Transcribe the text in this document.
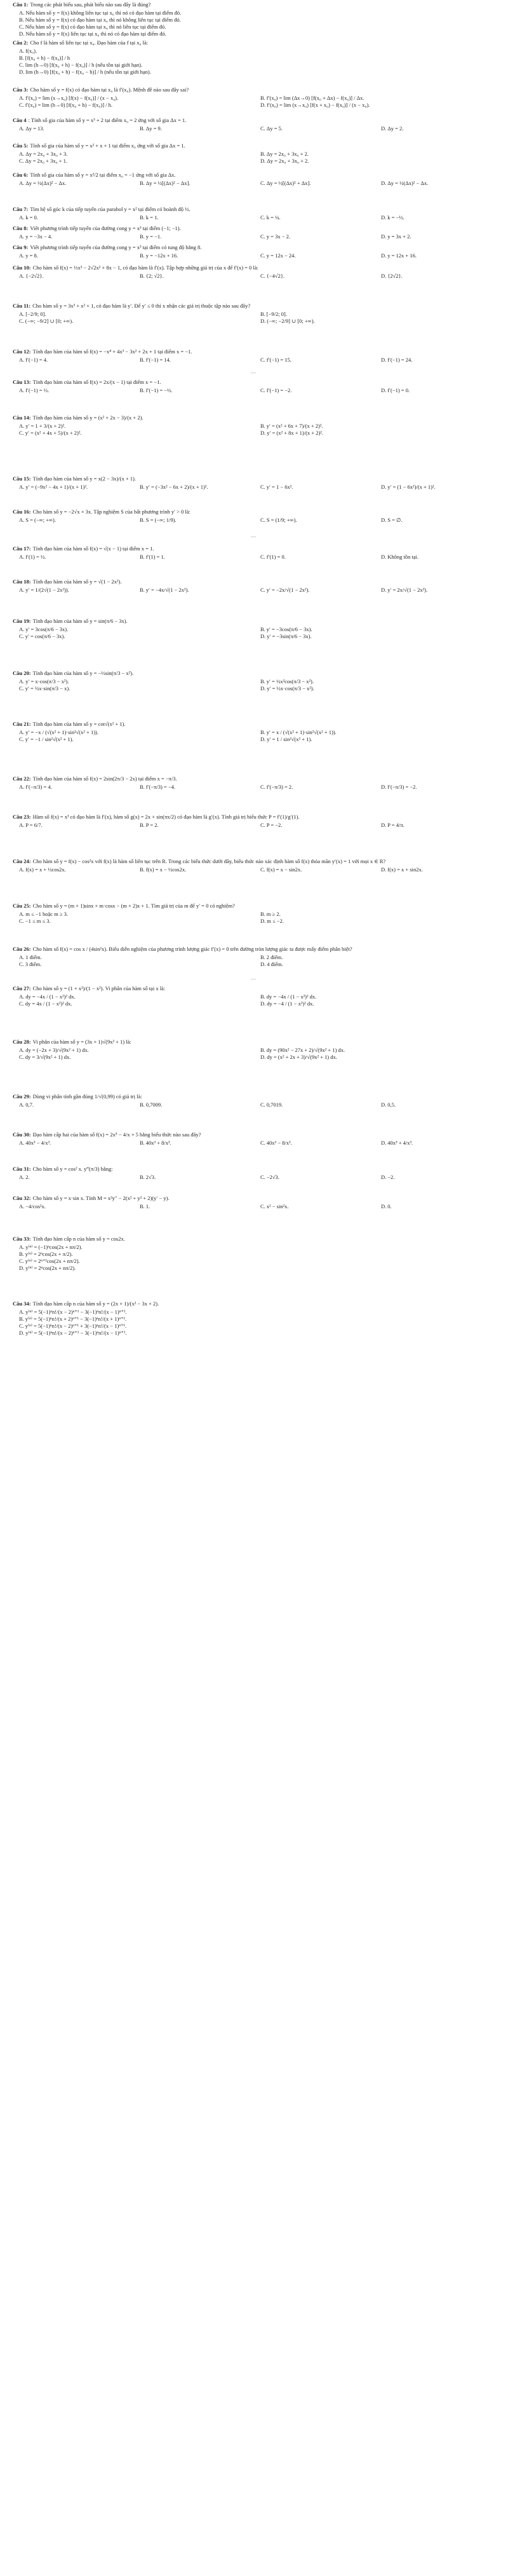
Câu 1: Trong các phát biểu sau, phát biểu nào sau đây là đúng?
A. Nếu hàm số y = f(x) không liên tục tại x₀ thì nó có đạo hàm tại điểm đó.
B. Nếu hàm số y = f(x) có đạo hàm tại x₀ thì nó không liên tục tại điểm đó.
C. Nếu hàm số y = f(x) có đạo hàm tại x₀ thì nó liên tục tại điểm đó.
D. Nếu hàm số y = f(x) liên tục tại x₀ thì nó có đạo hàm tại điểm đó.
Câu 2: Cho f là hàm số liên tục tại x₀. Đạo hàm của f tại x₀ là:
A. f(x₀).
B. [f(x₀ + h) − f(x₀)] / h
C. lim (h→0) [f(x₀ + h) − f(x₀)] / h (nếu tồn tại giới hạn).
D. lim (h→0) [f(x₀ + h) − f(x₀ − h)] / h (nếu tồn tại giới hạn).
Câu 3: Cho hàm số y = f(x) có đạo hàm tại x₀ là f′(x₀). Mệnh đề nào sau đây sai?
A. f′(x₀) = lim (x→x₀) [f(x) − f(x₀)] / (x − x₀).	B. f′(x₀) = lim (Δx→0) [f(x₀ + Δx) − f(x₀)] / Δx.
C. f′(x₀) = lim (h→0) [f(x₀ + h) − f(x₀)] / h.	D. f′(x₀) = lim (x→x₀) [f(x + x₀) − f(x₀)] / (x − x₀).
Câu 4 : Tính số gia của hàm số y = x³ + 2 tại điểm x₀ = 2 ứng với số gia Δx = 1.
A. Δy = 13.	B. Δy = 9.	C. Δy = 5.	D. Δy = 2.
Câu 5: Tính số gia của hàm số y = x² + x + 1 tại điểm x₀ ứng với số gia Δx = 1.
A. Δy = 2x₀ + 3x₀ + 3.	B. Δy = 2x₀ + 3x₀ + 2.
C. Δy = 2x₀ + 3x₀ + 1.	D. Δy = 2x₀ + 3x₀ + 2.
Câu 6: Tính số gia của hàm số y = x²/2 tại điểm x₀ = −1 ứng với số gia Δx.
A. Δy = ½(Δx)² − Δx.	B. Δy = ½[(Δx)² − Δx].	C. Δy = ½[(Δx)² + Δx].	D. Δy = ½(Δx)² − Δx.
Câu 7: Tìm hệ số góc k của tiếp tuyến của parabol y = x² tại điểm có hoành độ ½.
A. k = 0.	B. k = 1.	C. k = ¼.	D. k = −½.
Câu 8: Viết phương trình tiếp tuyến của đường cong y = x³ tại điểm (−1; −1).
A. y = −3x − 4.	B. y = −1.	C. y = 3x − 2.	D. y = 3x + 2.
Câu 9: Viết phương trình tiếp tuyến của đường cong y = x³ tại điểm có tung độ bằng 8.
A. y = 8.	B. y = −12x + 16.	C. y = 12x − 24.	D. y = 12x + 16.
Câu 10: Cho hàm số f(x) = ⅓x³ − 2√2x² + 8x − 1, có đạo hàm là f′(x). Tập hợp những giá trị của x để f′(x) = 0 là:
A. {−2√2}.	B. {2; √2}.	C. {−4√2}.	D. {2√2}.
Câu 11: Cho hàm số y = 3x³ + x² + 1, có đạo hàm là y′. Để y′ ≤ 0 thì x nhận các giá trị thuộc tập nào sau đây?
A. [−2/9; 0].	B. [−9/2; 0].
C. (−∞; −9/2] ∪ [0; +∞).	D. (−∞; −2/9] ∪ [0; +∞).
Câu 12: Tính đạo hàm của hàm số f(x) = −x⁴ + 4x³ − 3x² + 2x + 1 tại điểm x = −1.
A. f′(−1) = 4.	B. f′(−1) = 14.	C. f′(−1) = 15.	D. f′(−1) = 24.
Câu 13: Tính đạo hàm của hàm số f(x) = 2x/(x − 1) tại điểm x = −1.
A. f′(−1) = ½.	B. f′(−1) = −½.	C. f′(−1) = −2.	D. f′(−1) = 0.
Câu 14: Tính đạo hàm của hàm số y = (x² + 2x − 3)/(x + 2).
A. y′ = 1 + 3/(x + 2)².	B. y′ = (x² + 6x + 7)/(x + 2)².
C. y′ = (x² + 4x + 5)/(x + 2)².	D. y′ = (x² + 8x + 1)/(x + 2)².
Câu 15: Tính đạo hàm của hàm số y = x(2 − 3x)/(x + 1).
A. y′ = (−9x² − 4x + 1)/(x + 1)².	B. y′ = (−3x² − 6x + 2)/(x + 1)².	C. y′ = 1 − 6x².	D. y′ = (1 − 6x²)/(x + 1)².
Câu 16: Cho hàm số y = −2√x + 3x. Tập nghiệm S của bất phương trình y′ > 0 là:
A. S = (−∞; +∞).	B. S = (−∞; 1/9).	C. S = (1/9; +∞).	D. S = ∅.
Câu 17: Tính đạo hàm của hàm số f(x) = √(x − 1) tại điểm x = 1.
A. f′(1) = ½.	B. f′(1) = 1.	C. f′(1) = 0.	D. Không tồn tại.
Câu 18: Tính đạo hàm của hàm số y = √(1 − 2x²).
A. y′ = 1/(2√(1 − 2x²)).	B. y′ = −4x/√(1 − 2x²).	C. y′ = −2x/√(1 − 2x²).	D. y′ = 2x/√(1 − 2x²).
Câu 19: Tính đạo hàm của hàm số y = sin(π/6 − 3x).
A. y′ = 3cos(π/6 − 3x).	B. y′ = −3cos(π/6 − 3x).
C. y′ = cos(π/6 − 3x).	D. y′ = −3sin(π/6 − 3x).
Câu 20: Tính đạo hàm của hàm số y = −½sin(π/3 − x²).
A. y′ = x·cos(π/3 − x²).	B. y′ = ½x²cos(π/3 − x²).
C. y′ = ½x·sin(π/3 − x).	D. y′ = ½x·cos(π/3 − x²).
Câu 21: Tính đạo hàm của hàm số y = cot√(x² + 1).
A. y′ = −x / (√(x² + 1)·sin²√(x² + 1)).	B. y′ = x / (√(x² + 1)·sin²√(x² + 1)).
C. y′ = −1 / sin²√(x² + 1).	D. y′ = 1 / sin²√(x² + 1).
Câu 22: Tính đạo hàm của hàm số f(x) = 2sin(2π/3 − 2x) tại điểm x = −π/3.
A. f′(−π/3) = 4.	B. f′(−π/3) = −4.	C. f′(−π/3) = 2.	D. f′(−π/3) = −2.
Câu 23: Hàm số f(x) = x³ có đạo hàm là f′(x), hàm số g(x) = 2x + sin(πx/2) có đạo hàm là g′(x). Tính giá trị biểu thức P = f′(1)/g′(1).
A. P = 6/7.	B. P = 2.	C. P = −2.	D. P = 4/π.
Câu 24: Cho hàm số y = f(x) − cos²x với f(x) là hàm số liên tục trên R. Trong các biểu thức dưới đây, biểu thức nào xác định hàm số f(x) thỏa mãn y′(x) = 1 với mọi x ∈ R?
A. f(x) = x + ½cos2x.	B. f(x) = x − ½cos2x.	C. f(x) = x − sin2x.	D. f(x) = x + sin2x.
Câu 25: Cho hàm số y = (m + 1)sinx + m·cosx − (m + 2)x + 1. Tìm giá trị của m để y′ = 0 có nghiệm?
A. m ≤ −1 hoặc m ≥ 3.	B. m ≥ 2.
C. −1 ≤ m ≤ 3.	D. m ≤ −2.
Câu 26: Cho hàm số f(x) = cos x / (4sin²x). Biểu diễn nghiệm của phương trình lượng giác f′(x) = 0 trên đường tròn lượng giác ta được mấy điểm phân biệt?
A. 1 điểm.	B. 2 điểm.
C. 3 điểm.	D. 4 điểm.
Câu 27: Cho hàm số y = (1 + x²)/(1 − x²). Vi phân của hàm số tại x là:
A. dy = −4x / (1 − x²)² dx.	B. dy = −4x / (1 − x²)² dx.
C. dy = 4x / (1 − x²)² dx.	D. dy = −4 / (1 − x²)² dx.
Câu 28: Vi phân của hàm số y = (3x + 1)√(9x² + 1) là:
A. dy = (−2x + 3)/√(9x² + 1) dx.	B. dy = (90x² − 27x + 2)/√(9x² + 1) dx.
C. dy = 3/√(9x² + 1) dx.	D. dy = (x² + 2x + 3)/√(9x² + 1) dx.
Câu 29: Dùng vi phân tính gần đúng 1/√(0,99) có giá trị là:
A. 0,7.	B. 0,7009.	C. 0,7019.	D. 0,5.
Câu 30: Đạo hàm cấp hai của hàm số f(x) = 2x⁵ − 4/x + 5 bằng biểu thức nào sau đây?
A. 40x³ − 4/x³.	B. 40x³ + 8/x³.	C. 40x³ − 8/x³.	D. 40x³ + 4/x³.
Câu 31: Cho hàm số y = cos² x. y‴(π/3) bằng:
A. 2.	B. 2√3.	C. −2√3.	D. −2.
Câu 32: Cho hàm số y = x·sin x. Tính M = x²y″ − 2(x² + y² + 2)(y′ − y).
A. −4/cos²x.	B. 1.	C. x² − sin²x.	D. 0.
Câu 33: Tính đạo hàm cấp n của hàm số y = cos2x.
A. y⁽ⁿ⁾ = (−1)ⁿcos(2x + nπ/2).
B. y⁽ⁿ⁾ = 2ⁿcos(2x + π/2).
C. y⁽ⁿ⁾ = 2ⁿ⁺¹cos(2x + nπ/2).
D. y⁽ⁿ⁾ = 2ⁿcos(2x + nπ/2).
Câu 34: Tính đạo hàm cấp n của hàm số y = (2x + 1)/(x² − 3x + 2).
A. y⁽ⁿ⁾ = 5(−1)ⁿn!/(x − 2)ⁿ⁺¹ − 3(−1)ⁿn!/(x − 1)ⁿ⁺¹.
B. y⁽ⁿ⁾ = 5(−1)ⁿn!/(x + 2)ⁿ⁺¹ − 3(−1)ⁿn!/(x + 1)ⁿ⁺¹.
C. y⁽ⁿ⁾ = 5(−1)ⁿn!/(x − 2)ⁿ⁺¹ + 3(−1)ⁿn!/(x − 1)ⁿ⁺¹.
D. y⁽ⁿ⁾ = 5(−1)ⁿn!/(x − 2)ⁿ⁺¹ − 3(−1)ⁿn!/(x − 1)ⁿ⁺¹.
---
---
---
